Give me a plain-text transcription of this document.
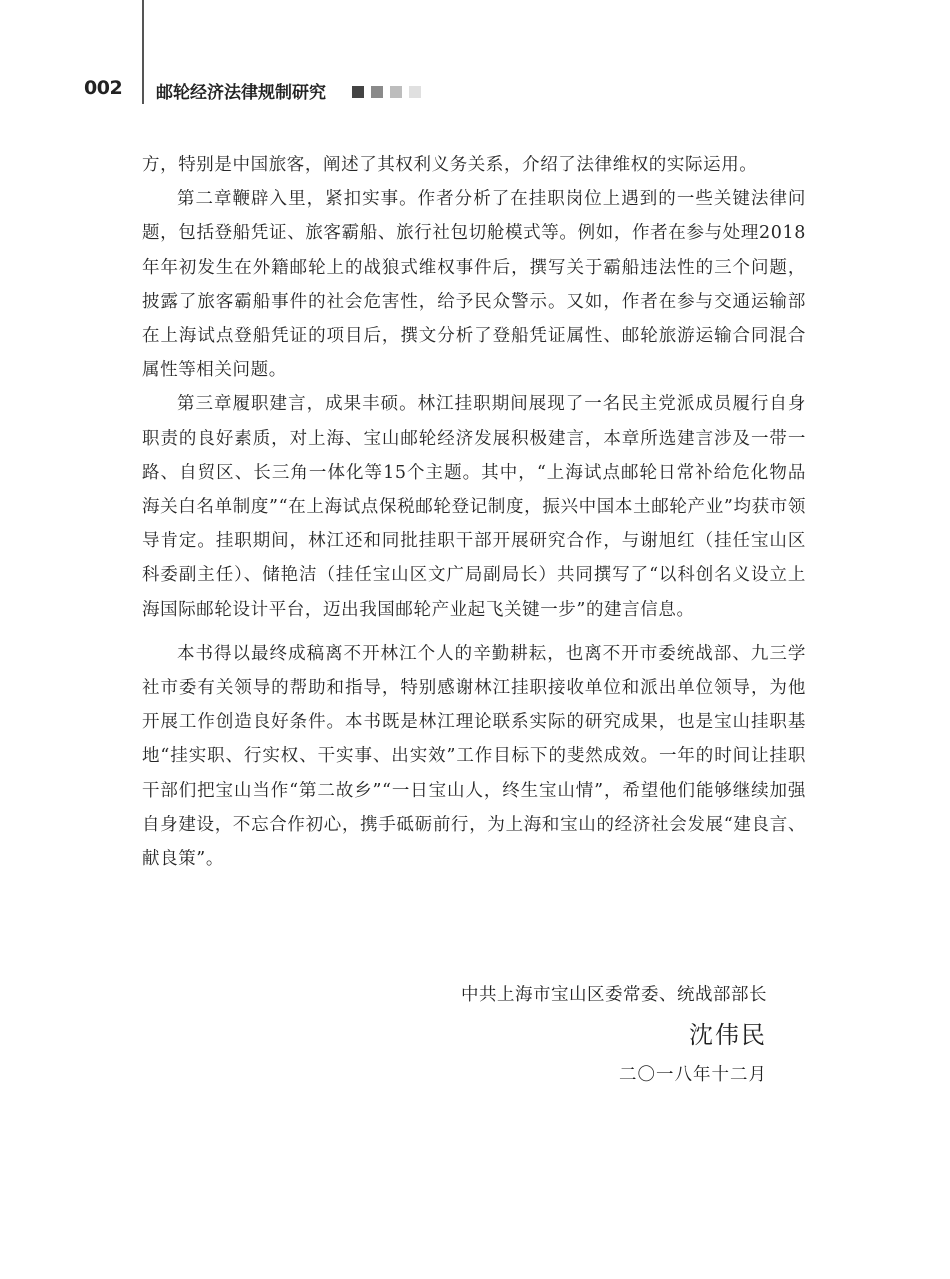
002 邮轮经济法律规制研究

方，特别是中国旅客，阐述了其权利义务关系，介绍了法律维权的实际运用。

第二章鞭辟入里，紧扣实事。作者分析了在挂职岗位上遇到的一些关键法律问题，包括登船凭证、旅客霸船、旅行社包切舱模式等。例如，作者在参与处理2018年年初发生在外籍邮轮上的战狼式维权事件后，撰写关于霸船违法性的三个问题，披露了旅客霸船事件的社会危害性，给予民众警示。又如，作者在参与交通运输部在上海试点登船凭证的项目后，撰文分析了登船凭证属性、邮轮旅游运输合同混合属性等相关问题。

第三章履职建言，成果丰硕。林江挂职期间展现了一名民主党派成员履行自身职责的良好素质，对上海、宝山邮轮经济发展积极建言，本章所选建言涉及一带一路、自贸区、长三角一体化等15个主题。其中，“上海试点邮轮日常补给危化物品海关白名单制度”“在上海试点保税邮轮登记制度，振兴中国本土邮轮产业”均获市领导肯定。挂职期间，林江还和同批挂职干部开展研究合作，与谢旭红（挂任宝山区科委副主任）、储艳洁（挂任宝山区文广局副局长）共同撰写了“以科创名义设立上海国际邮轮设计平台，迈出我国邮轮产业起飞关键一步”的建言信息。

本书得以最终成稿离不开林江个人的辛勤耕耘，也离不开市委统战部、九三学社市委有关领导的帮助和指导，特别感谢林江挂职接收单位和派出单位领导，为他开展工作创造良好条件。本书既是林江理论联系实际的研究成果，也是宝山挂职基地“挂实职、行实权、干实事、出实效”工作目标下的斐然成效。一年的时间让挂职干部们把宝山当作“第二故乡”“一日宝山人，终生宝山情”，希望他们能够继续加强自身建设，不忘合作初心，携手砥砺前行，为上海和宝山的经济社会发展“建良言、献良策”。

中共上海市宝山区委常委、统战部部长
沈伟民
二〇一八年十二月
